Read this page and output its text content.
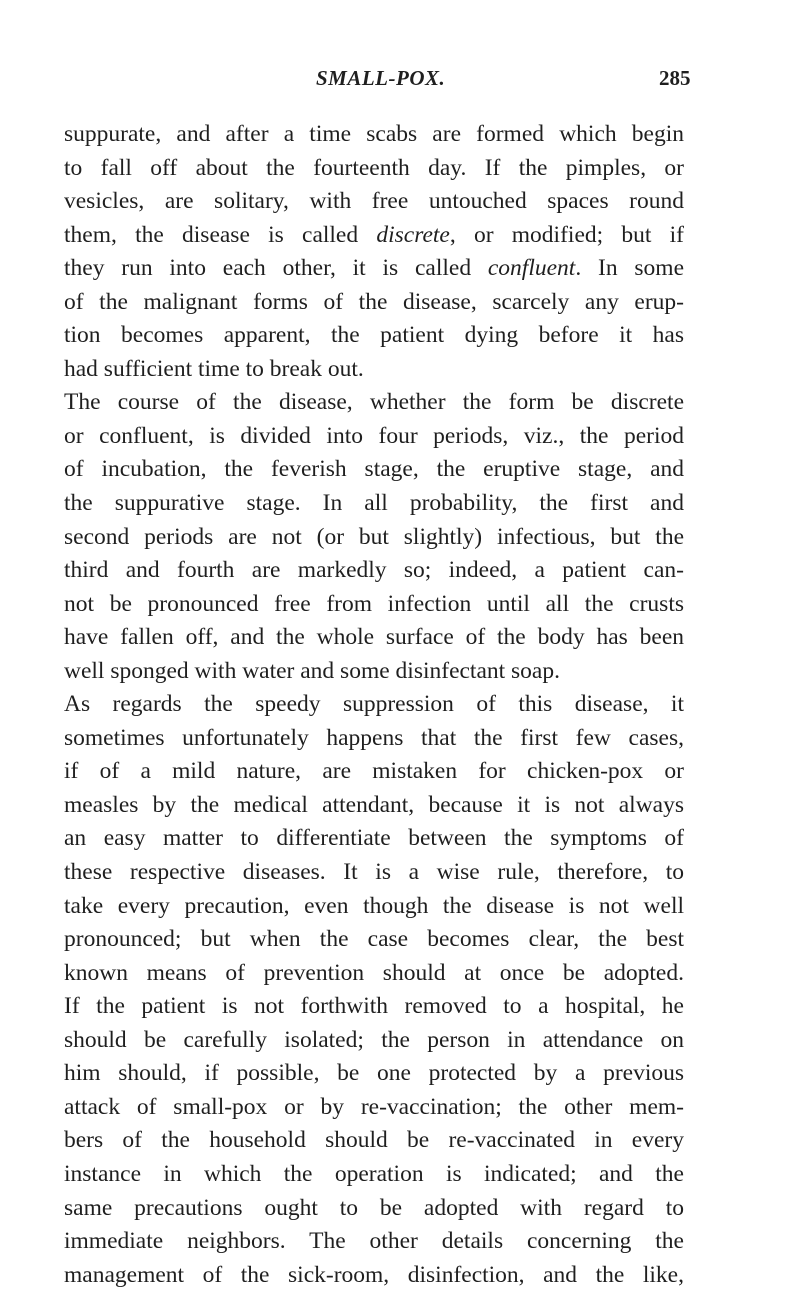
SMALL-POX.	285
suppurate, and after a time scabs are formed which begin
to fall off about the fourteenth day. If the pimples, or
vesicles, are solitary, with free untouched spaces round
them, the disease is called discrete, or modified; but if
they run into each other, it is called confluent. In some
of the malignant forms of the disease, scarcely any erup-
tion becomes apparent, the patient dying before it has
had sufficient time to break out.
The course of the disease, whether the form be discrete
or confluent, is divided into four periods, viz., the period
of incubation, the feverish stage, the eruptive stage, and
the suppurative stage. In all probability, the first and
second periods are not (or but slightly) infectious, but the
third and fourth are markedly so; indeed, a patient can-
not be pronounced free from infection until all the crusts
have fallen off, and the whole surface of the body has been
well sponged with water and some disinfectant soap.
As regards the speedy suppression of this disease, it
sometimes unfortunately happens that the first few cases,
if of a mild nature, are mistaken for chicken-pox or
measles by the medical attendant, because it is not always
an easy matter to differentiate between the symptoms of
these respective diseases. It is a wise rule, therefore, to
take every precaution, even though the disease is not well
pronounced; but when the case becomes clear, the best
known means of prevention should at once be adopted.
If the patient is not forthwith removed to a hospital, he
should be carefully isolated; the person in attendance on
him should, if possible, be one protected by a previous
attack of small-pox or by re-vaccination; the other mem-
bers of the household should be re-vaccinated in every
instance in which the operation is indicated; and the
same precautions ought to be adopted with regard to
immediate neighbors. The other details concerning the
management of the sick-room, disinfection, and the like,
